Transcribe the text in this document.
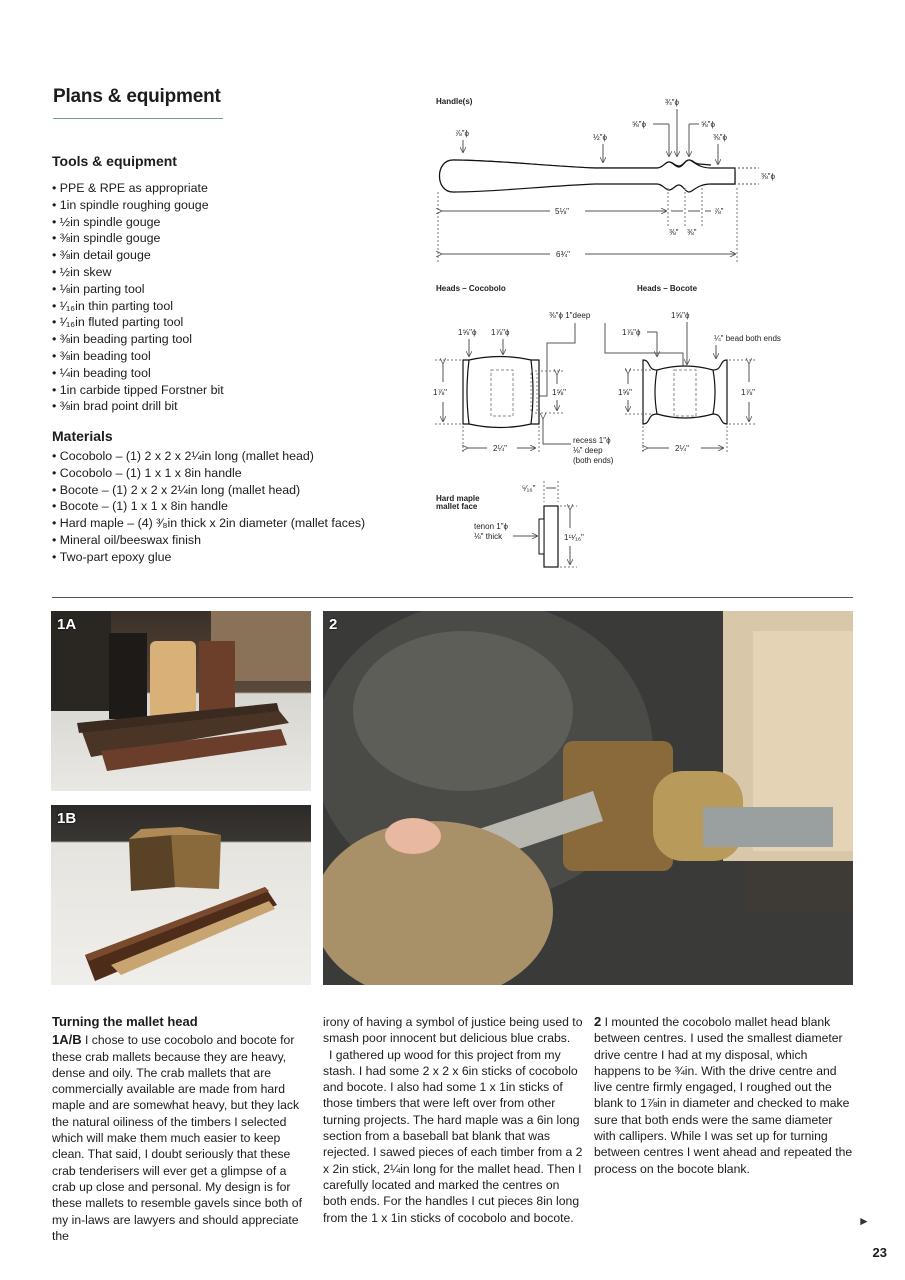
Plans & equipment
Tools & equipment
• PPE & RPE as appropriate
• 1in spindle roughing gouge
• ½in spindle gouge
• ⅜in spindle gouge
• ⅜in detail gouge
• ½in skew
• ⅛in parting tool
• ¹⁄₁₆in thin parting tool
• ¹⁄₁₆in fluted parting tool
• ⅜in beading parting tool
• ⅜in beading tool
• ¼in beading tool
• 1in carbide tipped Forstner bit
• ⅜in brad point drill bit
Materials
• Cocobolo – (1) 2 x 2 x 2¼in long (mallet head)
• Cocobolo – (1) 1 x 1 x 8in handle
• Bocote – (1) 2 x 2 x 2¼in long (mallet head)
• Bocote – (1) 1 x 1 x 8in handle
• Hard maple – (4) ³⁄₈in thick x 2in diameter (mallet faces)
• Mineral oil/beeswax finish
• Two-part epoxy glue
Handle(s)
⅞"ϕ	½"ϕ
¾"ϕ
⅝"ϕ	⅝"ϕ
⅜"ϕ
⅜"ϕ
5⅛"	⅞"
⅜" ⅜"
6¾"
Heads – Cocobolo	Heads – Bocote
⅜"ϕ 1"deep
1⅝"ϕ 1⅞"ϕ
1⅞"	1⅝"
2¼"
recess 1"ϕ
⅛" deep
(both ends)
1⅞"ϕ
1⅝"ϕ
¼" bead both ends
1⅝"	1⅞"
2¼"
Hard maple
mallet face
⁵⁄₁₆"
tenon 1"ϕ
⅛" thick	1¹¹⁄₁₆"
1A
1B
2

Turning the mallet head

1A/B I chose to use cocobolo and bocote for these crab mallets because they are heavy, dense and oily. The crab mallets that are commercially available are made from hard maple and are somewhat heavy, but they lack the natural oiliness of the timbers I selected which will make them much easier to keep clean. That said, I doubt seriously that these crab tenderisers will ever get a glimpse of a crab up close and personal. My design is for these mallets to resemble gavels since both of my in-laws are lawyers and should appreciate the

irony of having a symbol of justice being used to smash poor innocent but delicious blue crabs.

I gathered up wood for this project from my stash. I had some 2 x 2 x 6in sticks of cocobolo and bocote. I also had some 1 x 1in sticks of those timbers that were left over from other turning projects. The hard maple was a 6in long section from a baseball bat blank that was rejected. I sawed pieces of each timber from a 2 x 2in stick, 2¼in long for the mallet head. Then I carefully located and marked the centres on both ends. For the handles I cut pieces 8in long from the 1 x 1in sticks of cocobolo and bocote.

2 I mounted the cocobolo mallet head blank between centres. I used the smallest diameter drive centre I had at my disposal, which happens to be ¾in. With the drive centre and live centre firmly engaged, I roughed out the blank to 1⅞in in diameter and checked to make sure that both ends were the same diameter with callipers. While I was set up for turning between centres I went ahead and repeated the process on the bocote blank.

►
23
